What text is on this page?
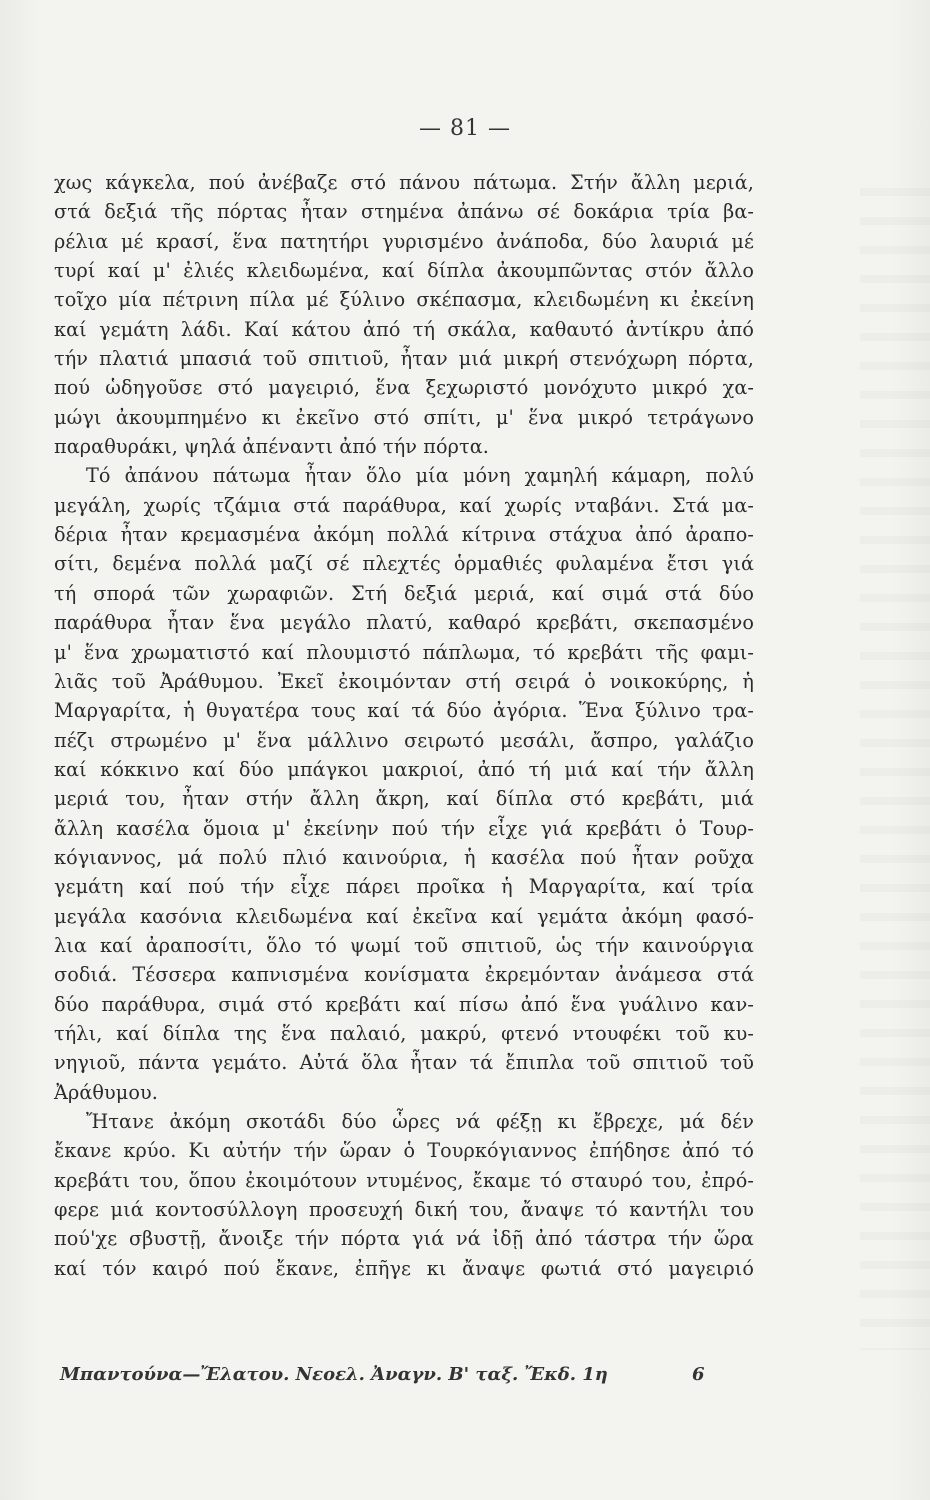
— 81 —
χως κάγκελα, πού ἀνέβαζε στό πάνου πάτωμα. Στήν ἄλλη μεριά,
στά δεξιά τῆς πόρτας ἦταν στημένα ἀπάνω σέ δοκάρια τρία βα-
ρέλια μέ κρασί, ἕνα πατητήρι γυρισμένο ἀνάποδα, δύο λαυριά μέ
τυρί καί μ' ἐλιές κλειδωμένα, καί δίπλα ἀκουμπῶντας στόν ἄλλο
τοῖχο μία πέτρινη πίλα μέ ξύλινο σκέπασμα, κλειδωμένη κι ἐκείνη
καί γεμάτη λάδι. Καί κάτου ἀπό τή σκάλα, καθαυτό ἀντίκρυ ἀπό
τήν πλατιά μπασιά τοῦ σπιτιοῦ, ἦταν μιά μικρή στενόχωρη πόρτα,
πού ὡδηγοῦσε στό μαγειριό, ἕνα ξεχωριστό μονόχυτο μικρό χα-
μώγι ἀκουμπημένο κι ἐκεῖνο στό σπίτι, μ' ἕνα μικρό τετράγωνο
παραθυράκι, ψηλά ἀπέναντι ἀπό τήν πόρτα.
Τό ἀπάνου πάτωμα ἦταν ὅλο μία μόνη χαμηλή κάμαρη, πολύ
μεγάλη, χωρίς τζάμια στά παράθυρα, καί χωρίς νταβάνι. Στά μα-
δέρια ἦταν κρεμασμένα ἀκόμη πολλά κίτρινα στάχυα ἀπό ἀραπο-
σίτι, δεμένα πολλά μαζί σέ πλεχτές ὁρμαθιές φυλαμένα ἔτσι γιά
τή σπορά τῶν χωραφιῶν. Στή δεξιά μεριά, καί σιμά στά δύο
παράθυρα ἦταν ἕνα μεγάλο πλατύ, καθαρό κρεβάτι, σκεπασμένο
μ' ἕνα χρωματιστό καί πλουμιστό πάπλωμα, τό κρεβάτι τῆς φαμι-
λιᾶς τοῦ Ἀράθυμου. Ἐκεῖ ἐκοιμόνταν στή σειρά ὁ νοικοκύρης, ἡ
Μαργαρίτα, ἡ θυγατέρα τους καί τά δύο ἀγόρια. Ἕνα ξύλινο τρα-
πέζι στρωμένο μ' ἕνα μάλλινο σειρωτό μεσάλι, ἄσπρο, γαλάζιο
καί κόκκινο καί δύο μπάγκοι μακριοί, ἀπό τή μιά καί τήν ἄλλη
μεριά του, ἦταν στήν ἄλλη ἄκρη, καί δίπλα στό κρεβάτι, μιά
ἄλλη κασέλα ὅμοια μ' ἐκείνην πού τήν εἶχε γιά κρεβάτι ὁ Τουρ-
κόγιαννος, μά πολύ πλιό καινούρια, ἡ κασέλα πού ἦταν ροῦχα
γεμάτη καί πού τήν εἶχε πάρει προῖκα ἡ Μαργαρίτα, καί τρία
μεγάλα κασόνια κλειδωμένα καί ἐκεῖνα καί γεμάτα ἀκόμη φασό-
λια καί ἀραποσίτι, ὅλο τό ψωμί τοῦ σπιτιοῦ, ὡς τήν καινούργια
σοδιά. Τέσσερα καπνισμένα κονίσματα ἐκρεμόνταν ἀνάμεσα στά
δύο παράθυρα, σιμά στό κρεβάτι καί πίσω ἀπό ἕνα γυάλινο καν-
τήλι, καί δίπλα της ἕνα παλαιό, μακρύ, φτενό ντουφέκι τοῦ κυ-
νηγιοῦ, πάντα γεμάτο. Αὐτά ὅλα ἦταν τά ἔπιπλα τοῦ σπιτιοῦ τοῦ
Ἀράθυμου.
Ἤτανε ἀκόμη σκοτάδι δύο ὧρες νά φέξῃ κι ἔβρεχε, μά δέν
ἔκανε κρύο. Κι αὐτήν τήν ὥραν ὁ Τουρκόγιαννος ἐπήδησε ἀπό τό
κρεβάτι του, ὅπου ἐκοιμότουν ντυμένος, ἔκαμε τό σταυρό του, ἐπρό-
φερε μιά κοντοσύλλογη προσευχή δική του, ἄναψε τό καντήλι του
πού'χε σβυστῇ, ἄνοιξε τήν πόρτα γιά νά ἰδῇ ἀπό τάστρα τήν ὥρα
καί τόν καιρό πού ἔκανε, ἐπῆγε κι ἄναψε φωτιά στό μαγειριό
Μπαντούνα—Ἔλατου. Νεοελ. Ἀναγν. Β' ταξ. Ἔκδ. 1η	6
